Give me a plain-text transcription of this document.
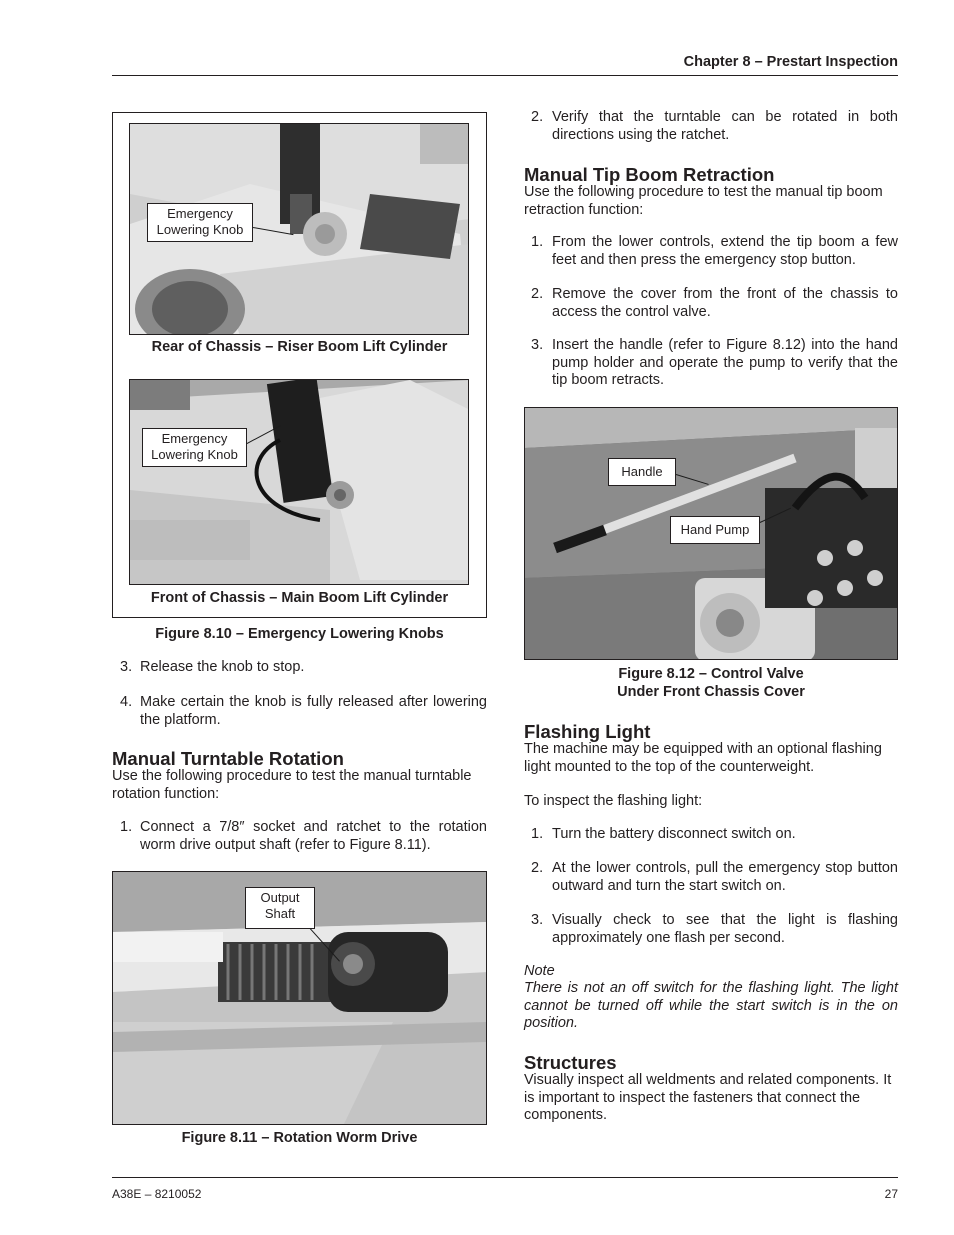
Chapter 8 – Prestart Inspection
Emergency Lowering Knob
Rear of Chassis – Riser Boom Lift Cylinder
Emergency Lowering Knob
Front of Chassis – Main Boom Lift Cylinder
Figure 8.10 – Emergency Lowering Knobs
3. Release the knob to stop.
4. Make certain the knob is fully released after lowering the platform.
Manual Turntable Rotation
Use the following procedure to test the manual turntable rotation function:
1. Connect a 7/8″ socket and ratchet to the rotation worm drive output shaft (refer to Figure 8.11).
Output Shaft
Figure 8.11 – Rotation Worm Drive
2. Verify that the turntable can be rotated in both directions using the ratchet.
Manual Tip Boom Retraction
Use the following procedure to test the manual tip boom retraction function:
1. From the lower controls, extend the tip boom a few feet and then press the emergency stop button.
2. Remove the cover from the front of the chassis to access the control valve.
3. Insert the handle (refer to Figure 8.12) into the hand pump holder and operate the pump to verify that the tip boom retracts.
Handle
Hand Pump
Figure 8.12 – Control Valve
Under Front Chassis Cover
Flashing Light
The machine may be equipped with an optional flashing light mounted to the top of the counterweight.
To inspect the flashing light:
1. Turn the battery disconnect switch on.
2. At the lower controls, pull the emergency stop button outward and turn the start switch on.
3. Visually check to see that the light is flashing approximately one flash per second.
Note
There is not an off switch for the flashing light. The light cannot be turned off while the start switch is in the on position.
Structures
Visually inspect all weldments and related components. It is important to inspect the fasteners that connect the components.
A38E – 8210052	27
